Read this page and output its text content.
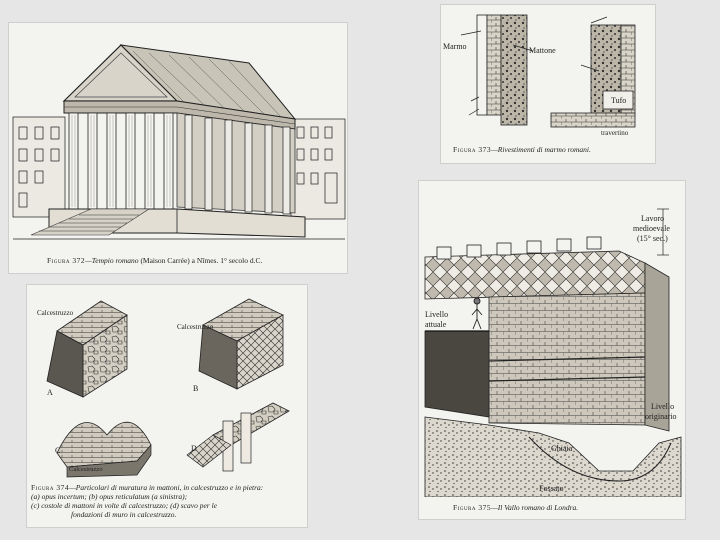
Figura 372—Tempio romano (Maison Carrée) a Nîmes. 1° secolo d.C.
Marmo	Mattone
Tufo
travertino
Figura 373—Rivestimenti di marmo romani.
Calcestruzzo
Calcestruzzo
Calcestruzzo
A	B
C	D
Figura 374—Particolari di muratura in mattoni, in calcestruzzo e in pietra:
(a) opus incertum; (b) opus reticulatum (a sinistra);
(c) costole di mattoni in volte di calcestruzzo; (d) scavo per le
fondazioni di muro in calcestruzzo.
Lavoro
medioevale
(15° sec.)
Livello
attuale
Livello
originario
Ghiaia
Fossato
Figura 375—Il Vallo romano di Londra.
